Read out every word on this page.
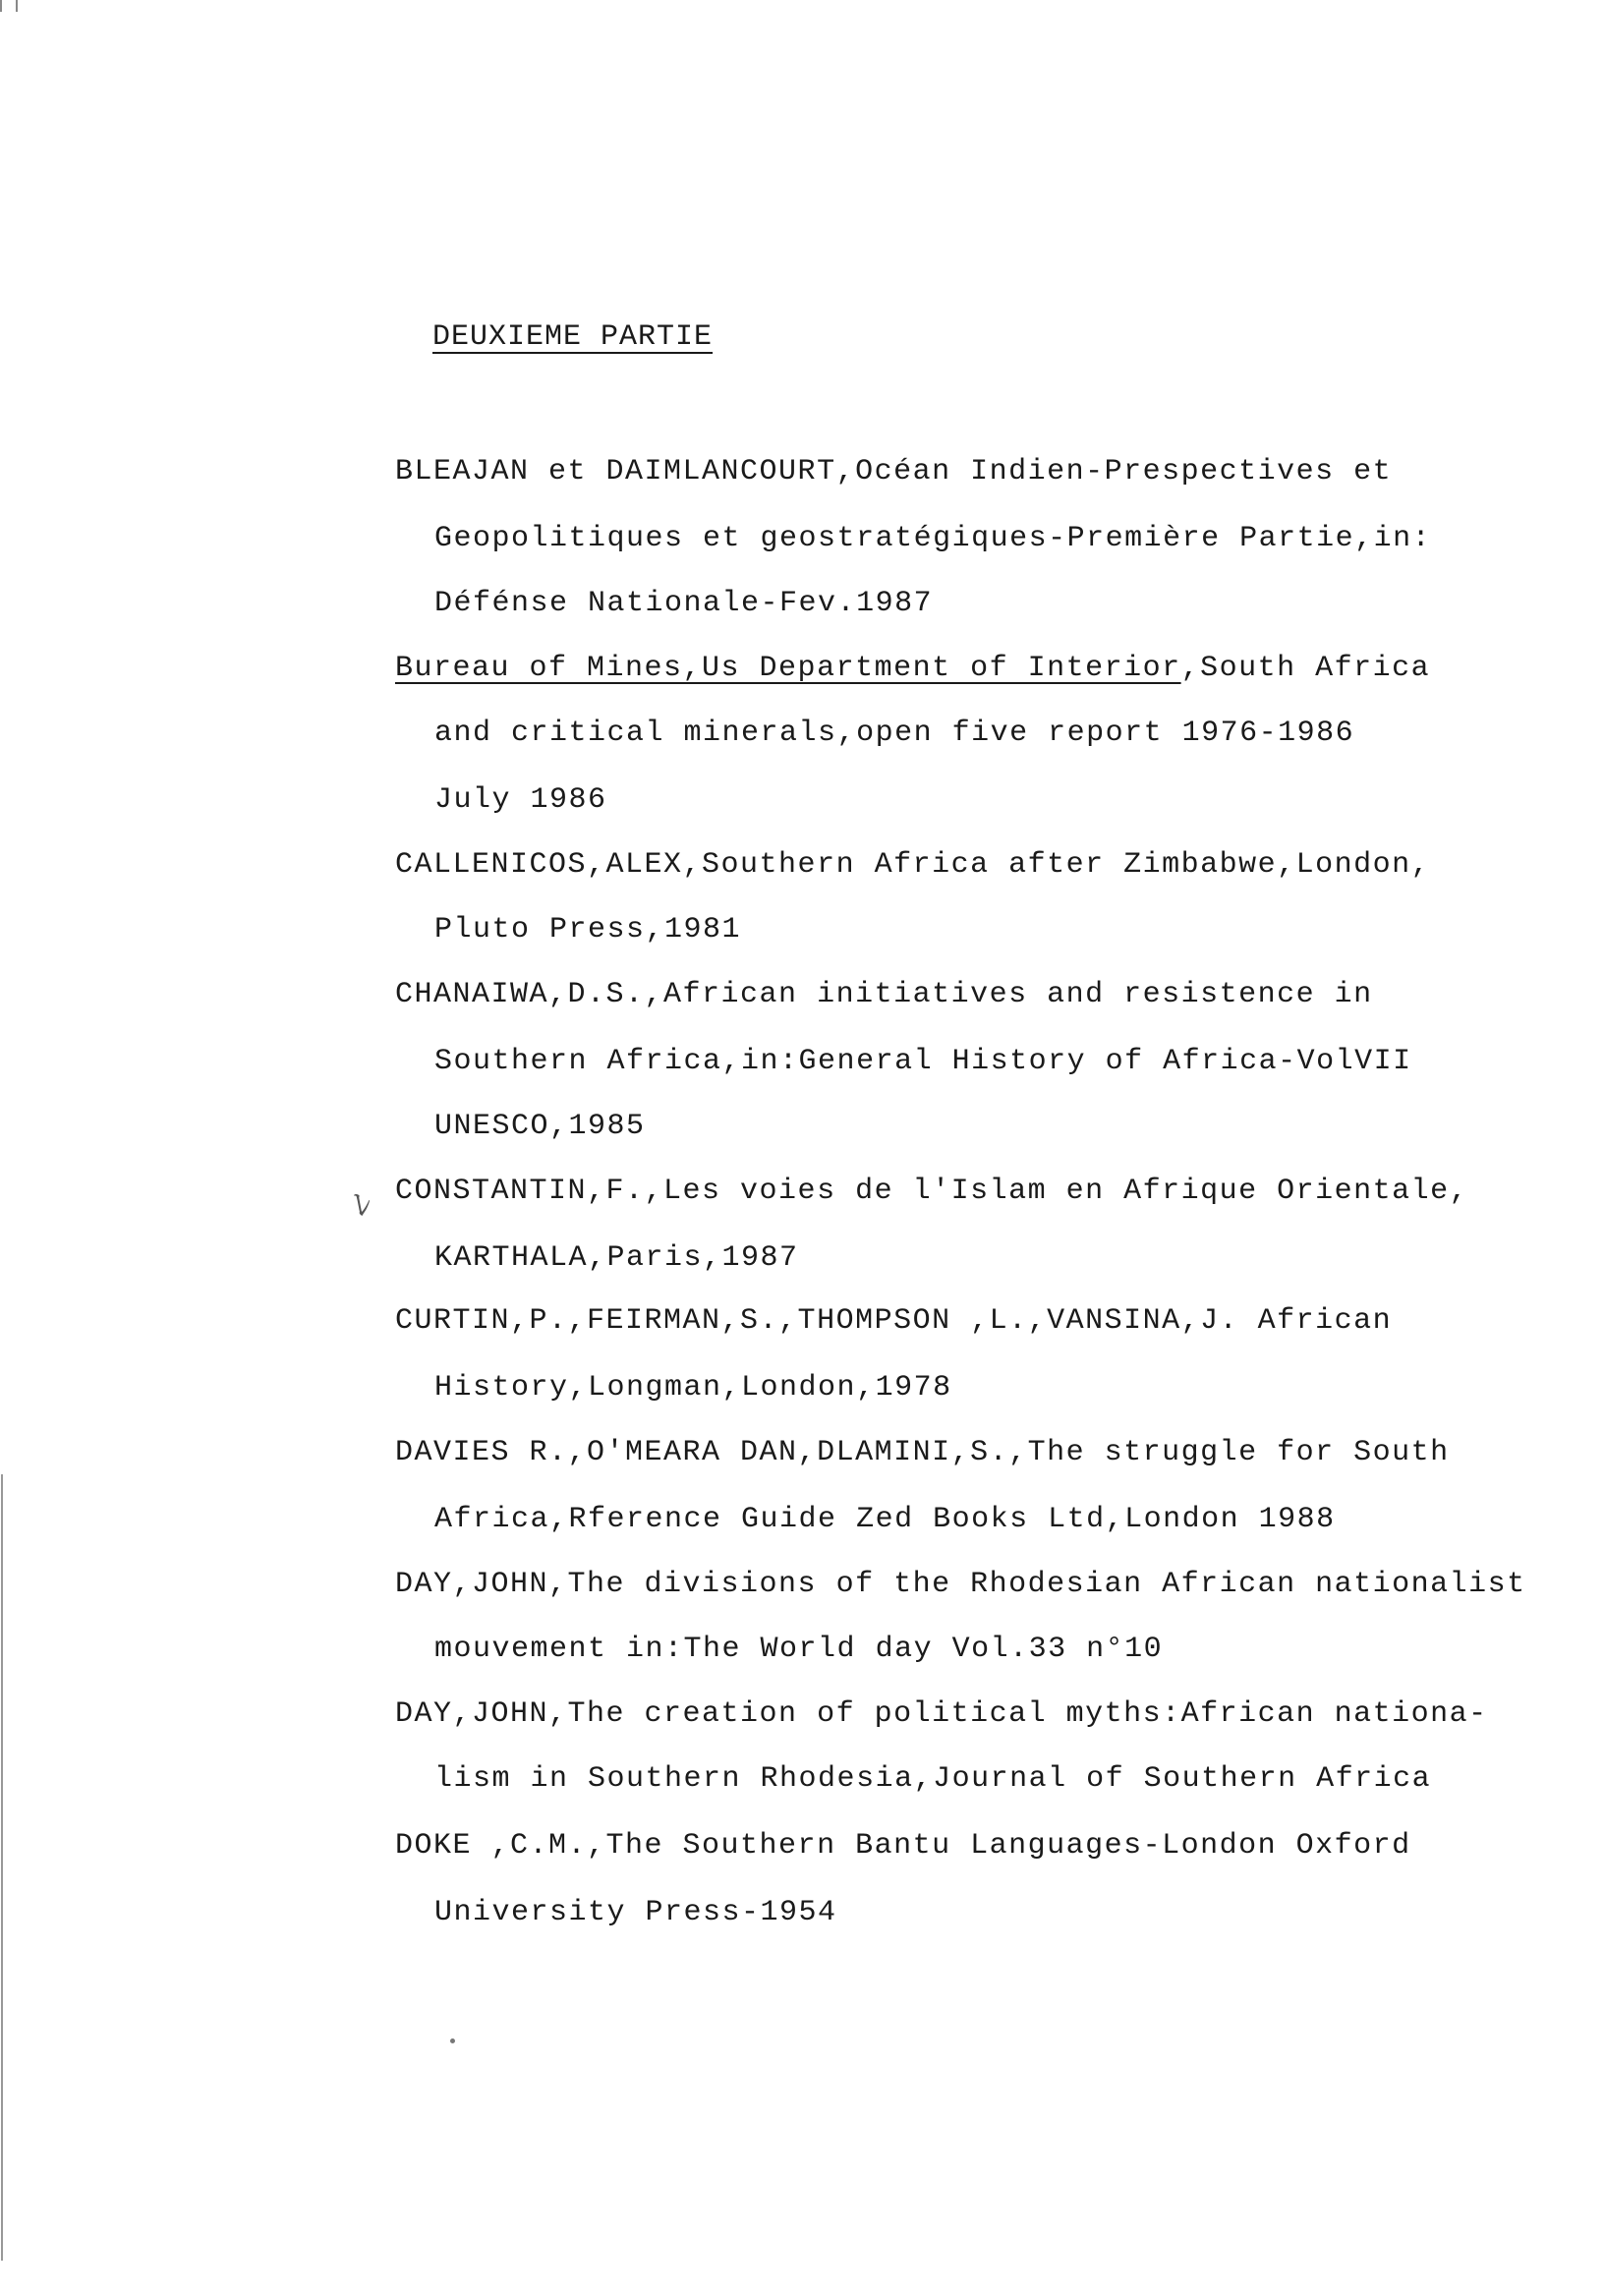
DEUXIEME PARTIE
BLEAJAN et DAIMLANCOURT,Océan Indien-Prespectives et
Geopolitiques et geostratégiques-Première Partie,in:
Défénse Nationale-Fev.1987
Bureau of Mines,Us Department of Interior,South Africa
and critical minerals,open five report 1976-1986
July 1986
CALLENICOS,ALEX,Southern Africa after Zimbabwe,London,
Pluto Press,1981
CHANAIWA,D.S.,African initiatives and resistence in
Southern Africa,in:General History of Africa-VolVII
UNESCO,1985
ﾚ CONSTANTIN,F.,Les voies de l'Islam en Afrique Orientale,
KARTHALA,Paris,1987
CURTIN,P.,FEIRMAN,S.,THOMPSON ,L.,VANSINA,J. African
History,Longman,London,1978
DAVIES R.,O'MEARA DAN,DLAMINI,S.,The struggle for South
Africa,Rference Guide Zed Books Ltd,London 1988
DAY,JOHN,The divisions of the Rhodesian African nationalist
mouvement in:The World day Vol.33 n°10
DAY,JOHN,The creation of political myths:African nationa-
lism in Southern Rhodesia,Journal of Southern Africa
DOKE ,C.M.,The Southern Bantu Languages-London Oxford
University Press-1954
